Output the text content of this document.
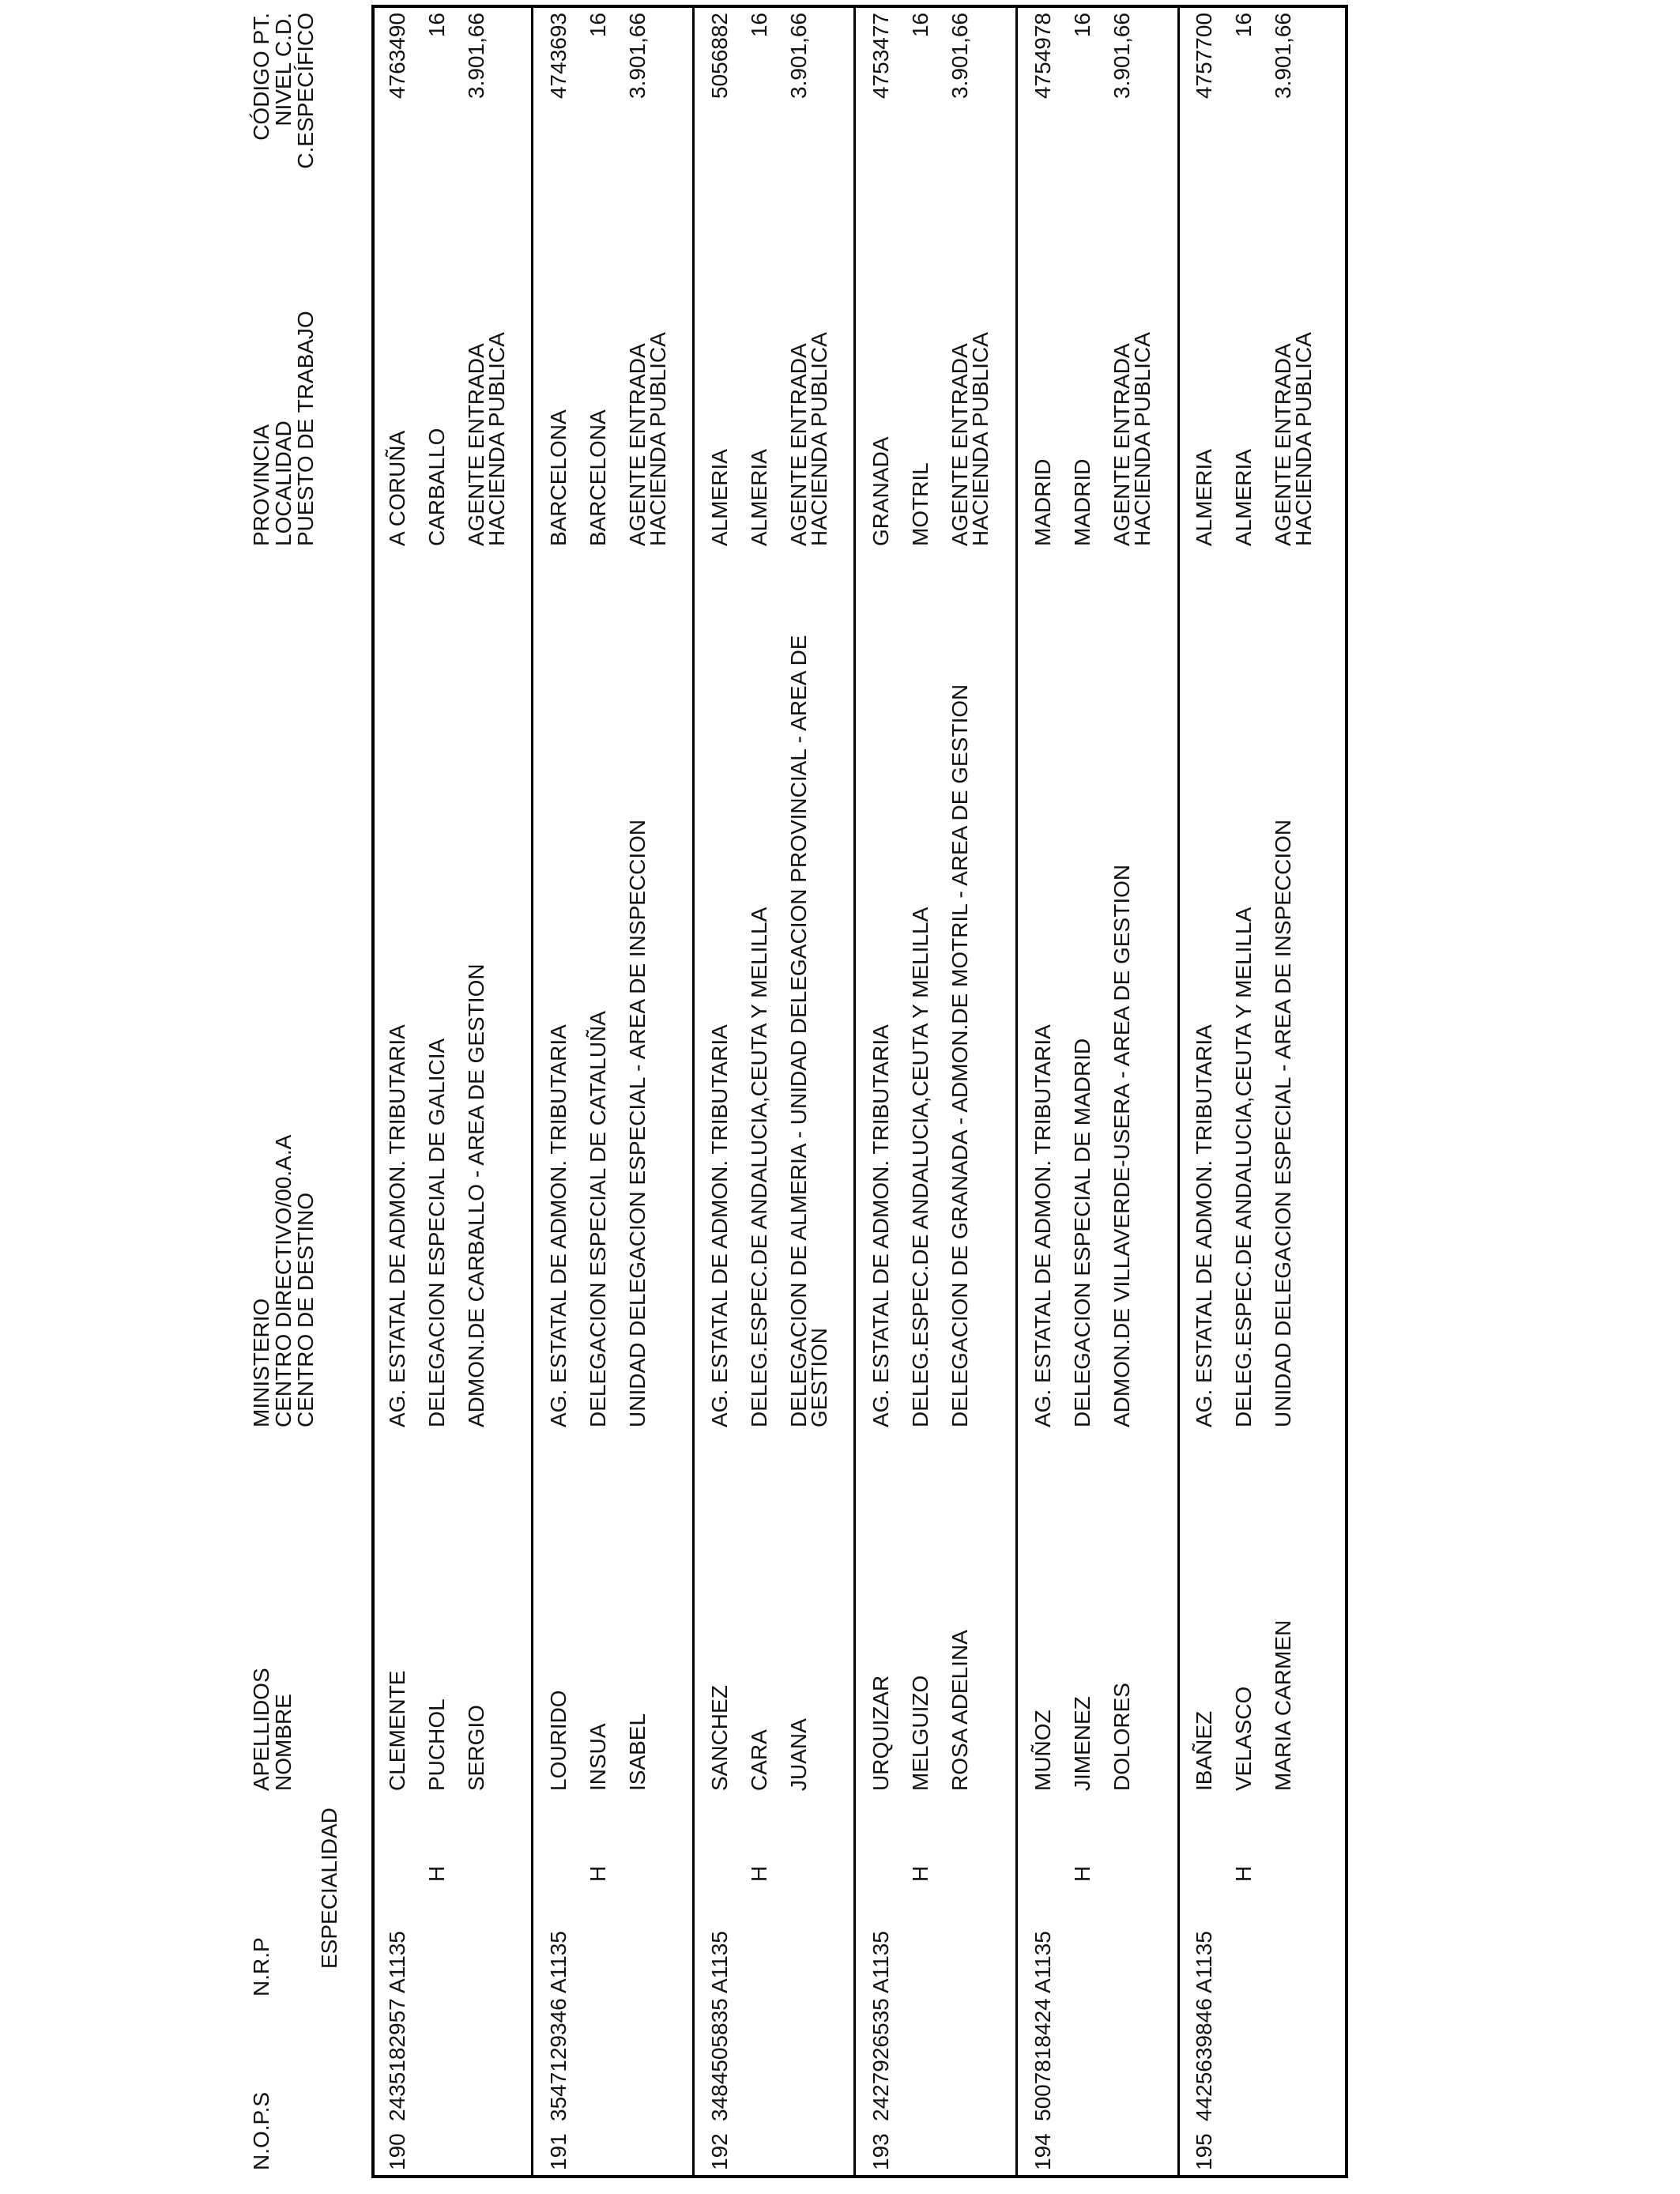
N.O.P.S
N.R.P ESPECIALIDAD
APELLIDOS
NOMBRE
MINISTERIO
CENTRO DIRECTIVO/00.A.A
CENTRO DE DESTINO
PROVINCIA
LOCALIDAD
PUESTO DE TRABAJO
CÓDIGO PT.
NIVEL C.D.
C.ESPECÍFICO
190
2435182957 A1135
H
CLEMENTE PUCHOL SERGIO
AG. ESTATAL DE ADMON. TRIBUTARIA DELEGACION ESPECIAL DE GALICIA ADMON.DE CARBALLO - AREA DE GESTION
A CORUÑA CARBALLO AGENTE ENTRADA HACIENDA PUBLICA
4763490 16 3.901,66
191
3547129346 A1135
H
LOURIDO INSUA ISABEL
AG. ESTATAL DE ADMON. TRIBUTARIA DELEGACION ESPECIAL DE CATALUÑA UNIDAD DELEGACION ESPECIAL - AREA DE INSPECCION
BARCELONA BARCELONA AGENTE ENTRADA HACIENDA PUBLICA
4743693 16 3.901,66
192
3484505835 A1135
H
SANCHEZ CARA JUANA
AG. ESTATAL DE ADMON. TRIBUTARIA DELEG.ESPEC.DE ANDALUCIA,CEUTA Y MELILLA DELEGACION DE ALMERIA - UNIDAD DELEGACION PROVINCIAL - AREA DE GESTION
ALMERIA ALMERIA AGENTE ENTRADA HACIENDA PUBLICA
5056882 16 3.901,66
193
2427926535 A1135
H
URQUIZAR MELGUIZO ROSA ADELINA
AG. ESTATAL DE ADMON. TRIBUTARIA DELEG.ESPEC.DE ANDALUCIA,CEUTA Y MELILLA DELEGACION DE GRANADA - ADMON.DE MOTRIL - AREA DE GESTION
GRANADA MOTRIL AGENTE ENTRADA HACIENDA PUBLICA
4753477 16 3.901,66
194
5007818424 A1135
H
MUÑOZ JIMENEZ DOLORES
AG. ESTATAL DE ADMON. TRIBUTARIA DELEGACION ESPECIAL DE MADRID ADMON.DE VILLAVERDE-USERA - AREA DE GESTION
MADRID MADRID AGENTE ENTRADA HACIENDA PUBLICA
4754978 16 3.901,66
195
4425639846 A1135
H
IBAÑEZ VELASCO MARIA CARMEN
AG. ESTATAL DE ADMON. TRIBUTARIA DELEG.ESPEC.DE ANDALUCIA,CEUTA Y MELILLA UNIDAD DELEGACION ESPECIAL - AREA DE INSPECCION
ALMERIA ALMERIA AGENTE ENTRADA HACIENDA PUBLICA
4757700 16 3.901,66
